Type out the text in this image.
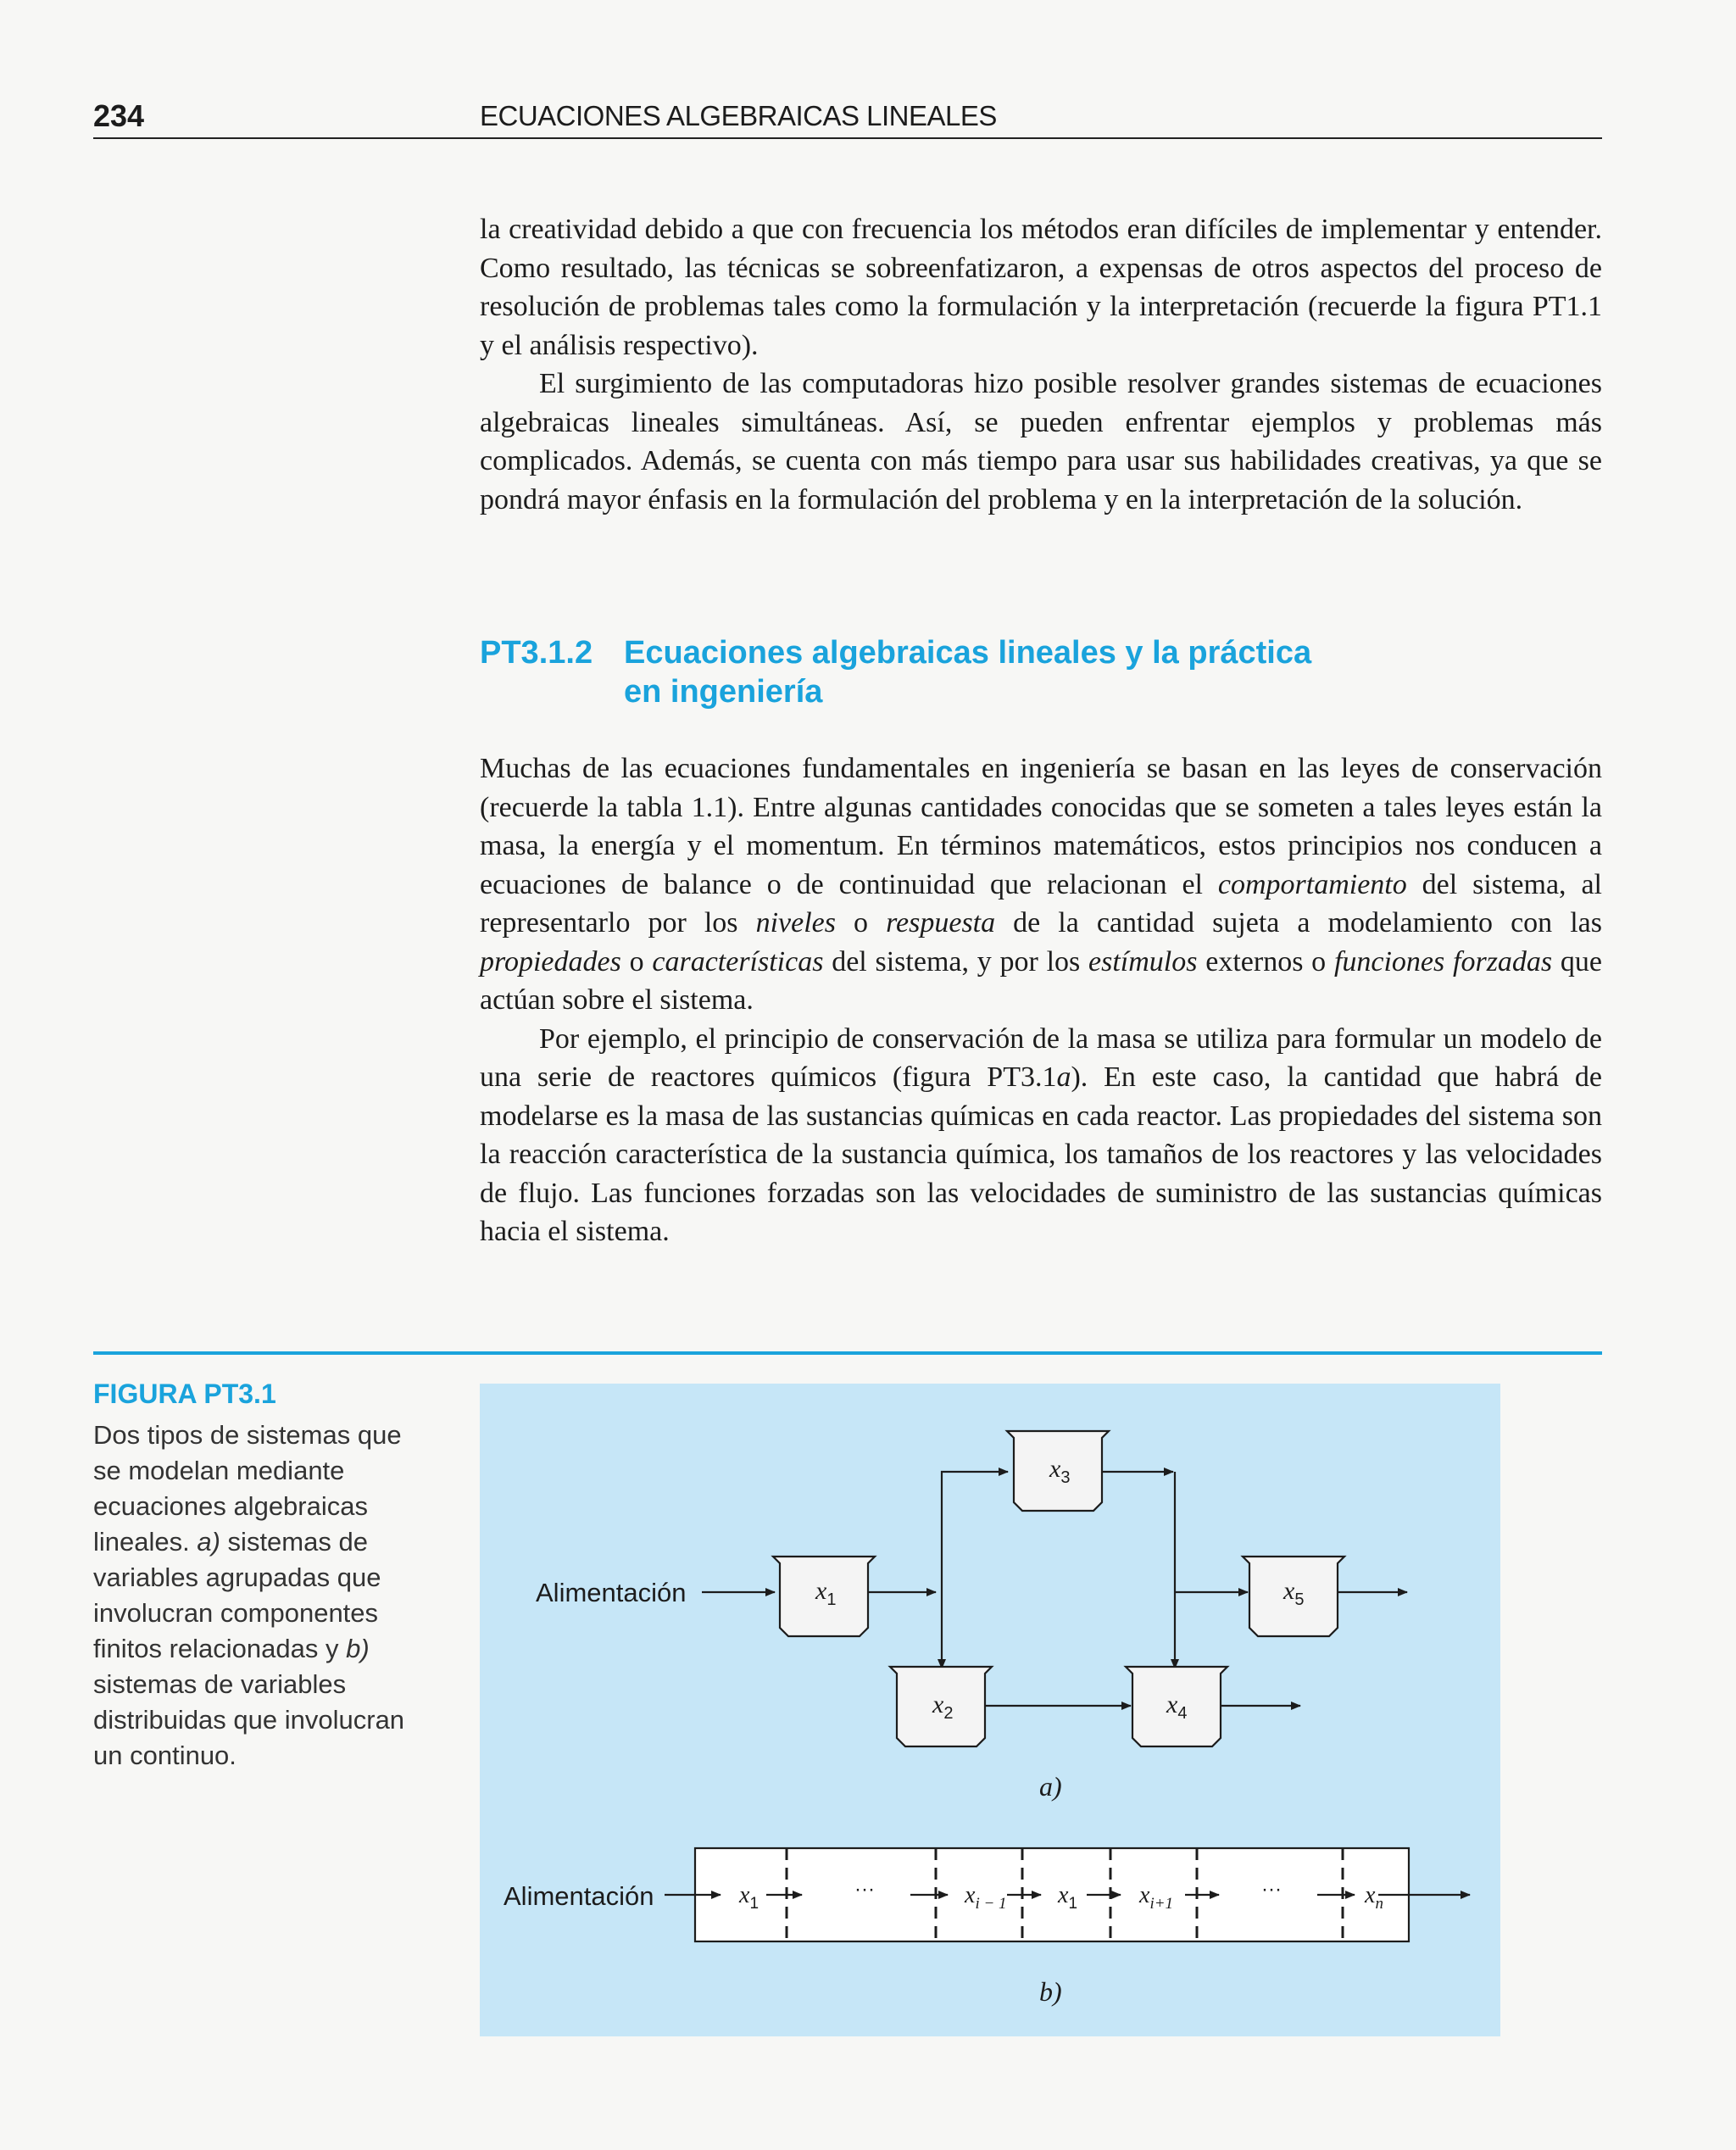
234	ECUACIONES ALGEBRAICAS LINEALES

la creatividad debido a que con frecuencia los métodos eran difíciles de implementar y entender. Como resultado, las técnicas se sobreenfatizaron, a expensas de otros aspectos del proceso de resolución de problemas tales como la formulación y la interpretación (recuerde la figura PT1.1 y el análisis respectivo).

El surgimiento de las computadoras hizo posible resolver grandes sistemas de ecuaciones algebraicas lineales simultáneas. Así, se pueden enfrentar ejemplos y problemas más complicados. Además, se cuenta con más tiempo para usar sus habilidades creativas, ya que se pondrá mayor énfasis en la formulación del problema y en la interpretación de la solución.

PT3.1.2 Ecuaciones algebraicas lineales y la práctica
en ingeniería

Muchas de las ecuaciones fundamentales en ingeniería se basan en las leyes de conservación (recuerde la tabla 1.1). Entre algunas cantidades conocidas que se someten a tales leyes están la masa, la energía y el momentum. En términos matemáticos, estos principios nos conducen a ecuaciones de balance o de continuidad que relacionan el comportamiento del sistema, al representarlo por los niveles o respuesta de la cantidad sujeta a modelamiento con las propiedades o características del sistema, y por los estímulos externos o funciones forzadas que actúan sobre el sistema.

Por ejemplo, el principio de conservación de la masa se utiliza para formular un modelo de una serie de reactores químicos (figura PT3.1a). En este caso, la cantidad que habrá de modelarse es la masa de las sustancias químicas en cada reactor. Las propiedades del sistema son la reacción característica de la sustancia química, los tamaños de los reactores y las velocidades de flujo. Las funciones forzadas son las velocidades de suministro de las sustancias químicas hacia el sistema.

FIGURA PT3.1
Dos tipos de sistemas que se modelan mediante ecuaciones algebraicas lineales. a) sistemas de variables agrupadas que involucran componentes finitos relacionadas y b) sistemas de variables distribuidas que involucran un continuo.
Alimentación	$x_1$
$x_2$
$x_3$
$x_4$
$x_5$
a)
Alimentación	$x_1$
···	$x_{i - 1}$ $x_1$	$x_{i+1}$
···	$x_n$
b)
